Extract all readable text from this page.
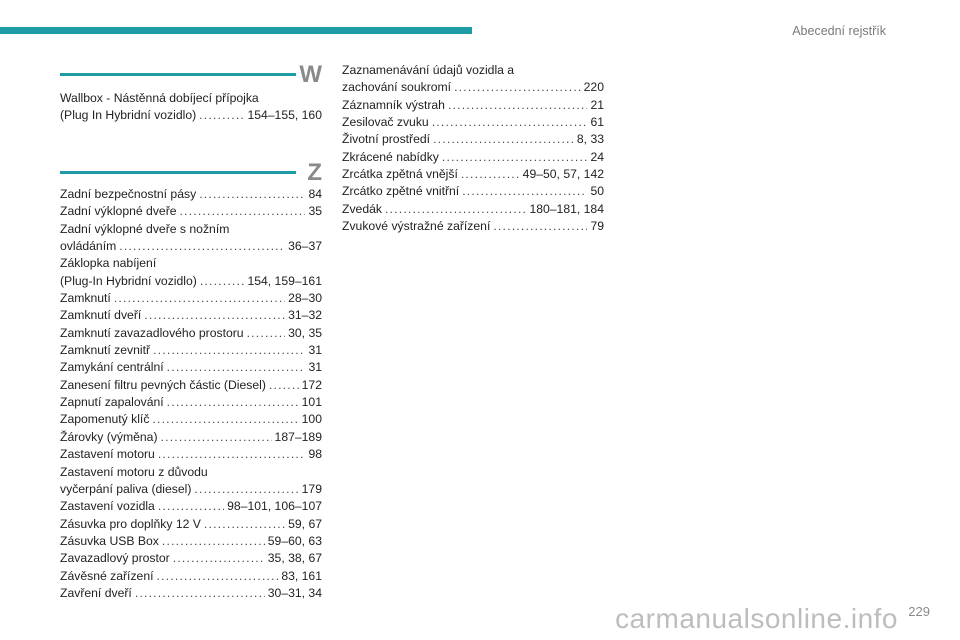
Abecední rejstřík
W
Wallbox - Nástěnná dobíjecí přípojka
(Plug In Hybridní vozidlo) .....	154–155, 160
Z
Zadní bezpečnostní pásy .....	84
Zadní výklopné dveře .....	35
Zadní výklopné dveře s nožním
ovládáním .....	36–37
Záklopka nabíjení
(Plug-In Hybridní vozidlo) .....	154, 159–161
Zamknutí .....	28–30
Zamknutí dveří .....	31–32
Zamknutí zavazadlového prostoru .....	30, 35
Zamknutí zevnitř .....	31
Zamykání centrální .....	31
Zanesení filtru pevných částic (Diesel) .....	172
Zapnutí zapalování .....	101
Zapomenutý klíč .....	100
Žárovky (výměna) .....	187–189
Zastavení motoru .....	98
Zastavení motoru z důvodu
vyčerpání paliva (diesel) .....	179
Zastavení vozidla .....	98–101, 106–107
Zásuvka pro doplňky 12 V .....	59, 67
Zásuvka USB Box .....	59–60, 63
Zavazadlový prostor .....	35, 38, 67
Závěsné zařízení .....	83, 161
Zavření dveří .....	30–31, 34
Zaznamenávání údajů vozidla a
zachování soukromí .....	220
Záznamník výstrah .....	21
Zesilovač zvuku .....	61
Životní prostředí .....	8, 33
Zkrácené nabídky .....	24
Zrcátka zpětná vnější .....	49–50, 57, 142
Zrcátko zpětné vnitřní .....	50
Zvedák .....	180–181, 184
Zvukové výstražné zařízení .....	79
carmanualsonline.info 229
